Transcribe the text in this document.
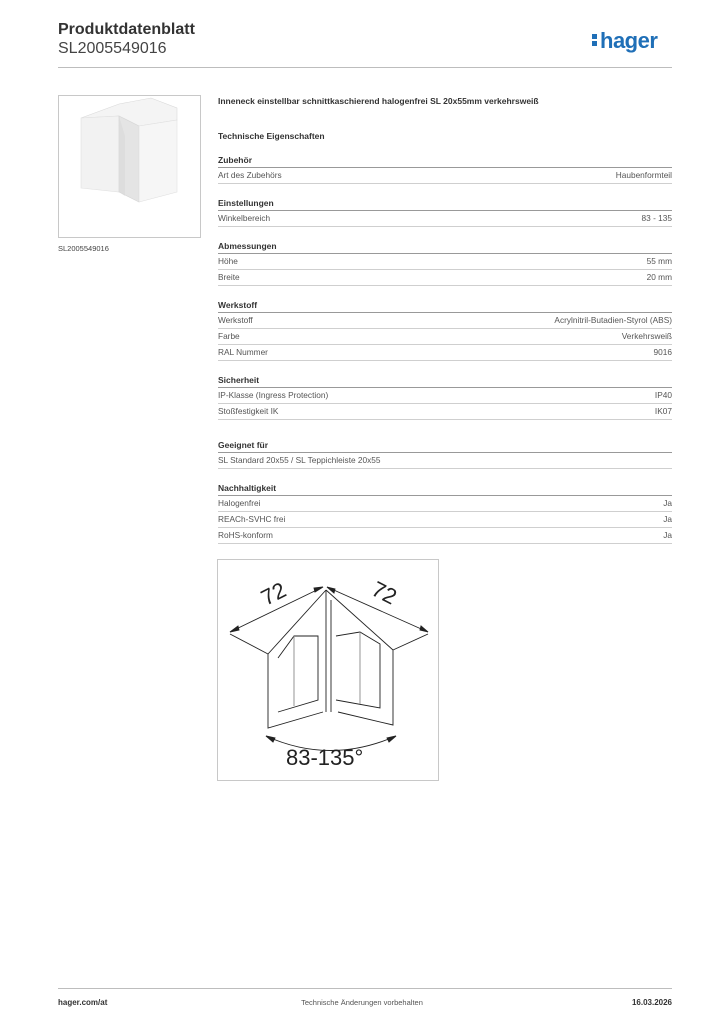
Produktdatenblatt
SL2005549016	hager
SL2005549016
Inneneck einstellbar schnittkaschierend halogenfrei SL 20x55mm verkehrsweiß
Technische Eigenschaften
Zubehör
Art des Zubehörs	Haubenformteil
Einstellungen
Winkelbereich	83 - 135
Abmessungen
Höhe	55 mm
Breite	20 mm
Werkstoff
Werkstoff	Acrylnitril-Butadien-Styrol (ABS)
Farbe	Verkehrsweiß
RAL Nummer	9016
Sicherheit
IP-Klasse (Ingress Protection)	IP40
Stoßfestigkeit IK	IK07
Geeignet für
SL Standard 20x55 / SL Teppichleiste 20x55
Nachhaltigkeit
Halogenfrei	Ja
REACh-SVHC frei	Ja
RoHS-konform	Ja
72	72
83-135°
hager.com/at	Technische Änderungen vorbehalten	16.03.2026
